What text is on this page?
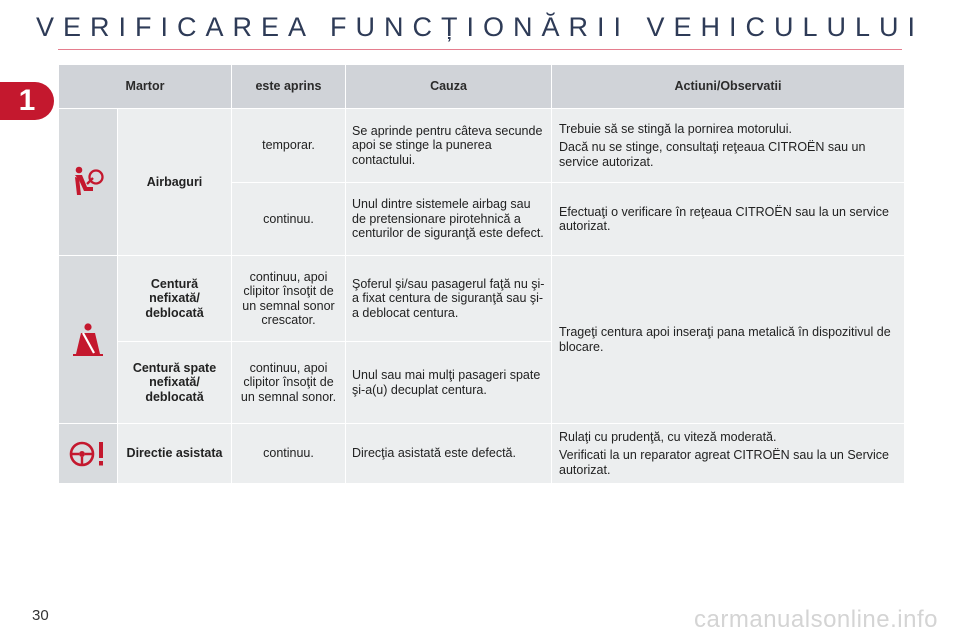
VERIFICAREA FUNCȚIONĂRII VEHICULULUI
1	Martor		este aprins	Cauza	Actiuni/Observatii
	Airbaguri	temporar.	Se aprinde pentru câteva secunde apoi se stinge la punerea contactului.	Trebuie să se stingă la pornirea motorului.

Dacă nu se stinge, consultaţi reţeaua CITROËN sau un service autorizat.

		continuu.	Unul dintre sistemele airbag sau de pretensionare pirotehnică a centurilor de siguranţă este defect.	Efectuaţi o verificare în reţeaua CITROËN sau la un service autorizat.

	Centură nefixată/ deblocată	continuu, apoi clipitor însoţit de un semnal sonor crescator.	Şoferul şi/sau pasagerul faţă nu şi-a fixat centura de siguranţă sau şi-a deblocat centura.	Trageţi centura apoi inseraţi pana metalică în dispozitivul de blocare.

	Centură spate nefixată/ deblocată	continuu, apoi clipitor însoţit de un semnal sonor.	Unul sau mai mulţi pasageri spate şi-a(u) decuplat centura.	
	Directie asistata	continuu.	Direcţia asistată este defectă.	Rulaţi cu prudenţă, cu viteză moderată.

Verificati la un reparator agreat CITROËN sau la un Service autorizat.

30	carmanualsonline.info
